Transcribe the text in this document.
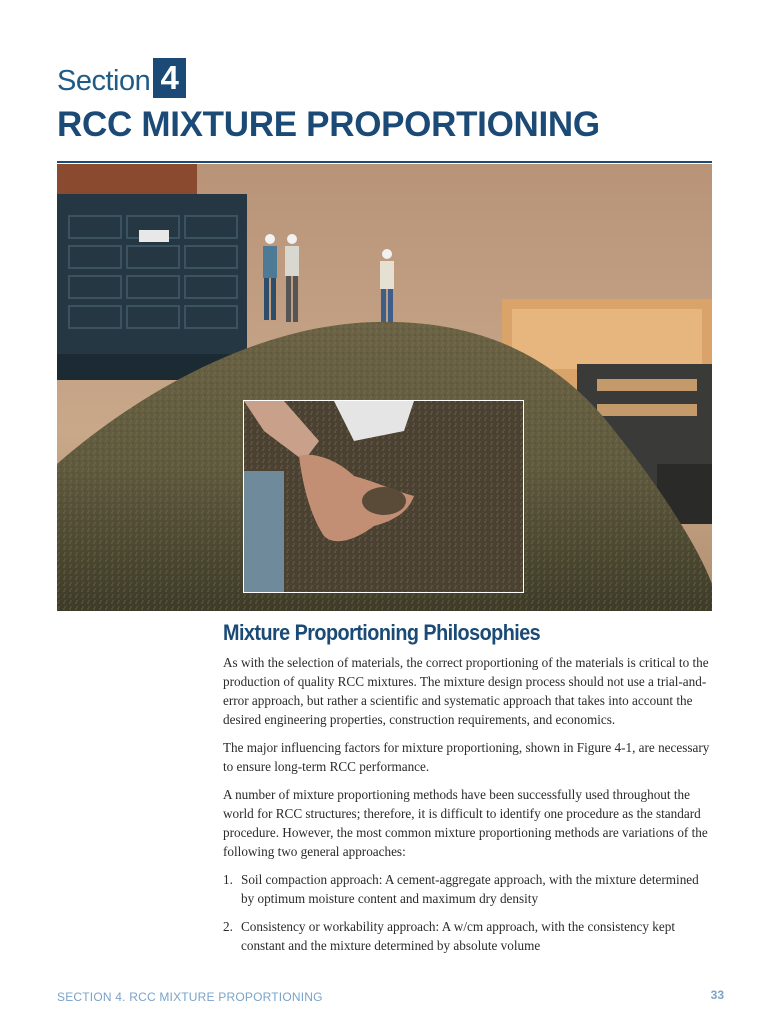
Section 4
RCC MIXTURE PROPORTIONING
Mixture Proportioning Philosophies

As with the selection of materials, the correct proportioning of the materials is critical to the production of quality RCC mixtures. The mixture design process should not use a trial-and-error approach, but rather a scientific and systematic approach that takes into account the desired engineering properties, construction requirements, and economics.

The major influencing factors for mixture proportioning, shown in Figure 4-1, are necessary to ensure long-term RCC performance.

A number of mixture proportioning methods have been successfully used throughout the world for RCC structures; therefore, it is difficult to identify one procedure as the standard procedure. However, the most common mixture proportioning methods are variations of the following two general approaches:

1. Soil compaction approach: A cement-aggregate approach, with the mixture determined by optimum moisture content and maximum dry density
2. Consistency or workability approach: A w/cm approach, with the consistency kept constant and the mixture determined by absolute volume
SECTION 4. RCC MIXTURE PROPORTIONING	33
